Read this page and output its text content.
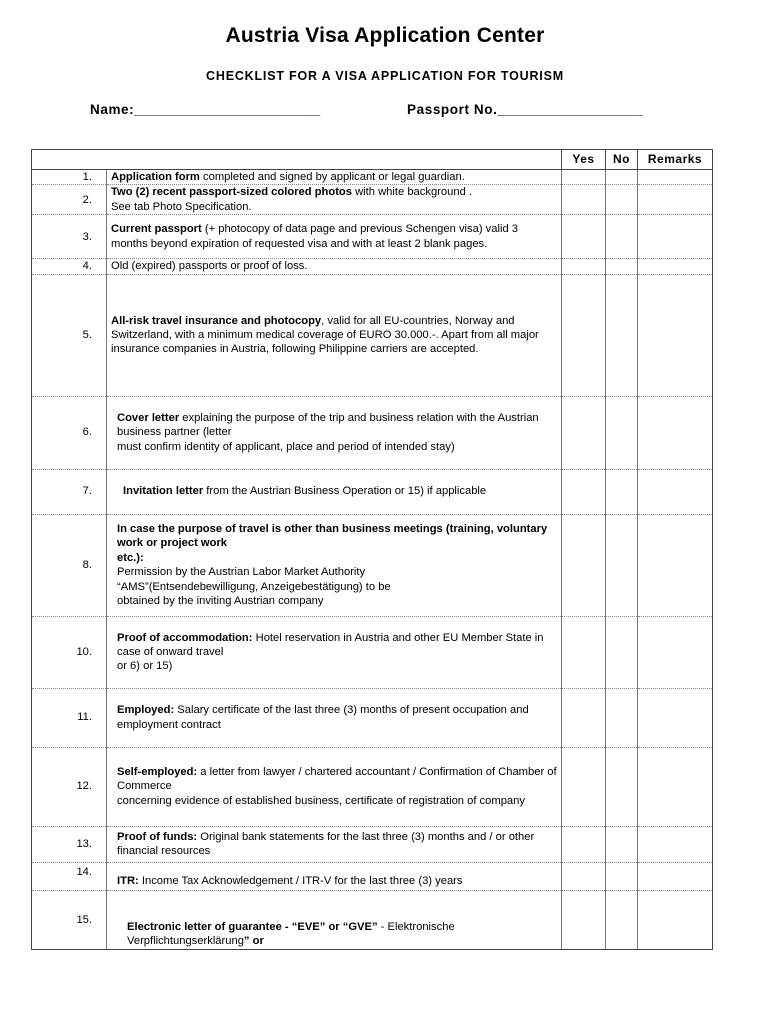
Austria Visa Application Center
CHECKLIST FOR A VISA APPLICATION FOR TOURISM
Name:_______________________	Passport No.__________________
		Yes	No	Remarks
1.	Application form completed and signed by applicant or legal guardian.			
2.	Two (2) recent passport-sized colored photos with white background .
See tab Photo Specification.			
3.	Current passport (+ photocopy of data page and previous Schengen visa) valid 3 months beyond expiration of requested visa and with at least 2 blank pages.			
4.	Old (expired) passports or proof of loss.			
5.	All-risk travel insurance and photocopy, valid for all EU-countries, Norway and Switzerland, with a minimum medical coverage of EURO 30.000.-. Apart from all major insurance companies in Austria, following Philippine carriers are accepted.			
6.	Cover letter explaining the purpose of the trip and business relation with the Austrian business partner (letter
must confirm identity of applicant, place and period of intended stay)			
7.	Invitation letter from the Austrian Business Operation or 15) if applicable			
8.	In case the purpose of travel is other than business meetings (training, voluntary work or project work
etc.):
Permission by the Austrian Labor Market Authority
“AMS”(Entsendebewilligung, Anzeigebestätigung) to be
obtained by the inviting Austrian company			
10.	Proof of accommodation: Hotel reservation in Austria and other EU Member State in case of onward travel
or 6) or 15)			
11.	Employed: Salary certificate of the last three (3) months of present occupation and employment contract			
12.	Self-employed: a letter from lawyer / chartered accountant / Confirmation of Chamber of Commerce
concerning evidence of established business, certificate of registration of company			
13.	Proof of funds: Original bank statements for the last three (3) months and / or other financial resources			
14.	ITR: Income Tax Acknowledgement / ITR-V for the last three (3) years			
15.	Electronic letter of guarantee - “EVE” or “GVE” - Elektronische
Verpflichtungserklärung” or			
